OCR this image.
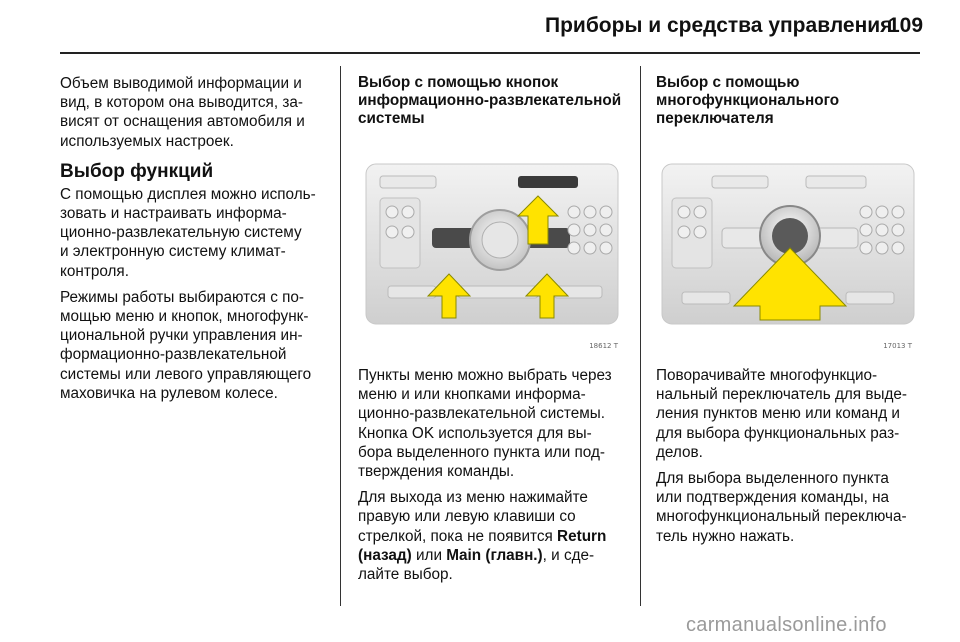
Приборы и средства управления
109

Объем выводимой информации и
вид, в котором она выводится, за-
висят от оснащения автомобиля и
используемых настроек.

Выбор функций

С помощью дисплея можно исполь-
зовать и настраивать информа-
ционно-развлекательную систему
и электронную систему климат-
контроля.

Режимы работы выбираются с по-
мощью меню и кнопок, многофунк-
циональной ручки управления ин-
формационно-развлекательной
системы или левого управляющего
маховичка на рулевом колесе.

Выбор с помощью кнопок
информационно-развлекательной
системы
18612 T

Пункты меню можно выбрать через
меню и или кнопками информа-
ционно-развлекательной системы.
Кнопка OK используется для вы-
бора выделенного пункта или под-
тверждения команды.

Для выхода из меню нажимайте
правую или левую клавиши со
стрелкой, пока не появится Return
(назад) или Main (главн.), и сде-
лайте выбор.

Выбор с помощью
многофункционального
переключателя
17013 T

Поворачивайте многофункцио-
нальный переключатель для выде-
ления пунктов меню или команд и
для выбора функциональных раз-
делов.

Для выбора выделенного пункта
или подтверждения команды, на
многофункциональный переключа-
тель нужно нажать.

carmanualsonline.info
